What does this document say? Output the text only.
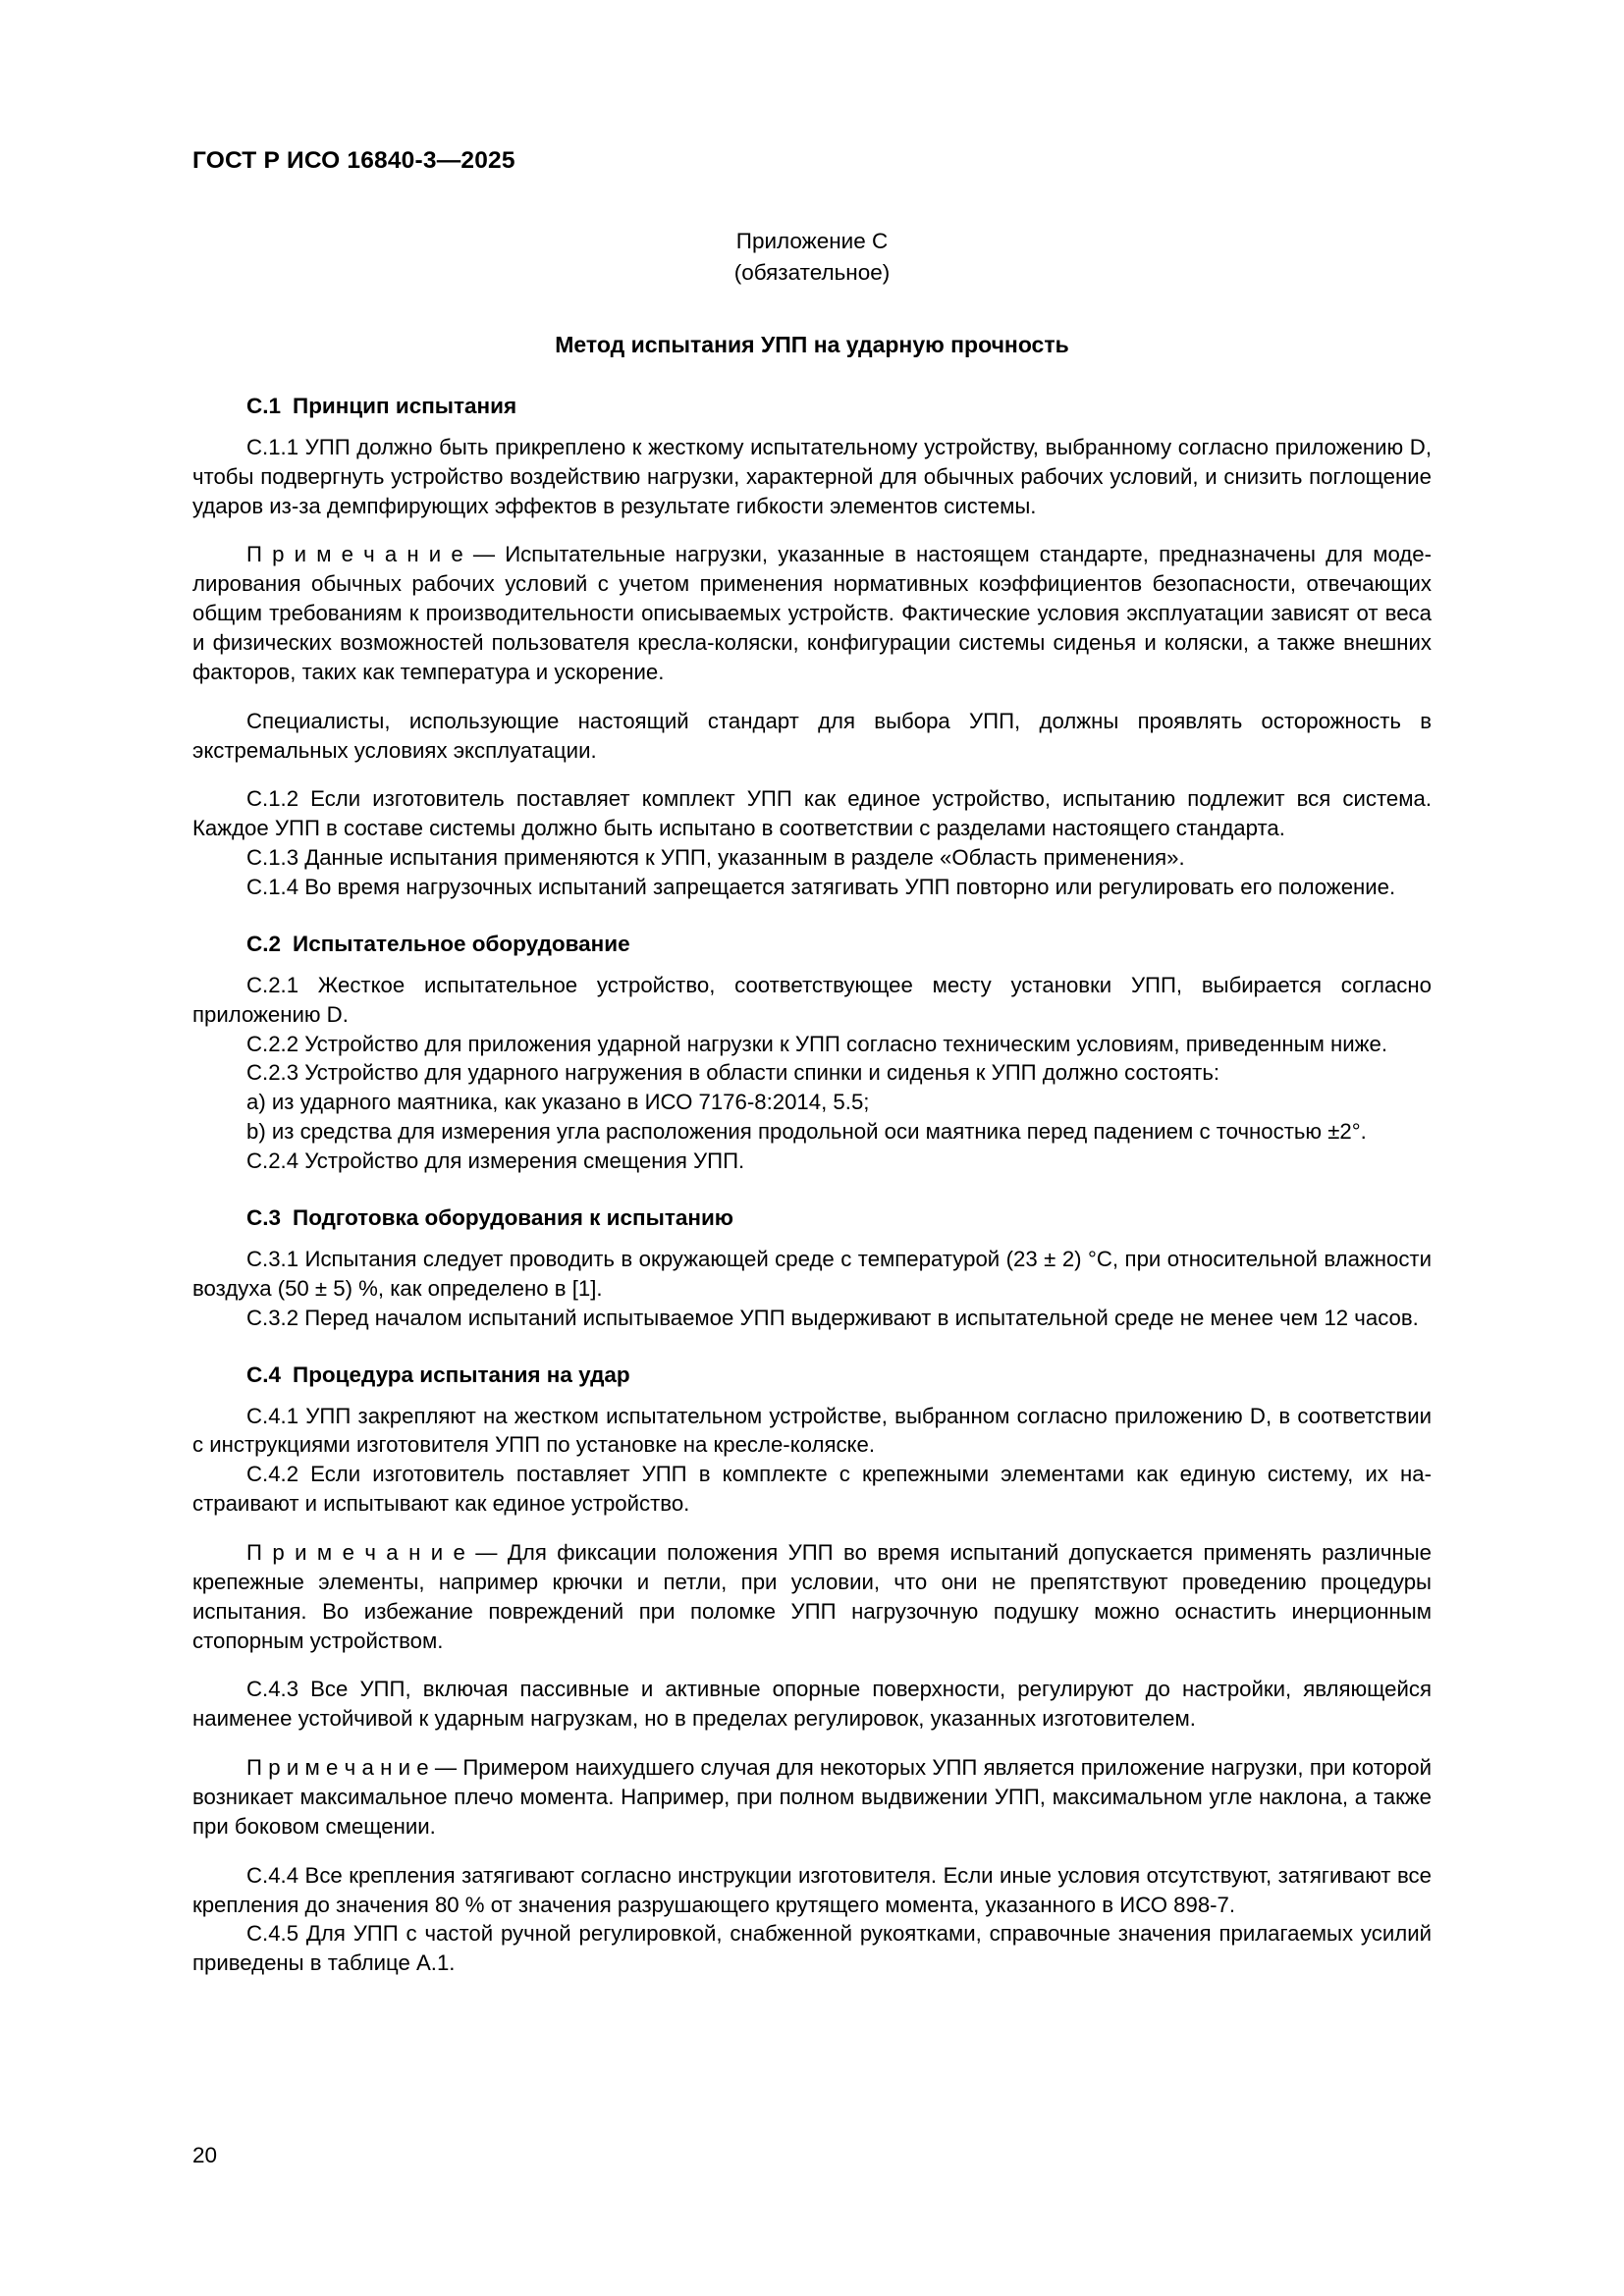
ГОСТ Р ИСО 16840-3—2025
Приложение С
(обязательное)
Метод испытания УПП на ударную прочность
С.1 Принцип испытания

С.1.1 УПП должно быть прикреплено к жесткому испытательному устройству, выбранному согласно приложению D, чтобы подвергнуть устройство воздействию нагрузки, характерной для обычных рабочих условий, и снизить поглощение ударов из-за демпфирующих эффектов в результате гибкости элементов системы.

П р и м е ч а н и е — Испытательные нагрузки, указанные в настоящем стандарте, предназначены для моделирования обычных рабочих условий с учетом применения нормативных коэффициентов безопасности, отвечающих общим требованиям к производительности описываемых устройств. Фактические условия эксплуатации зависят от веса и физических возможностей пользователя кресла-коляски, конфигурации системы сиденья и коляски, а также внешних факторов, таких как температура и ускорение.

Специалисты, использующие настоящий стандарт для выбора УПП, должны проявлять осторожность в экстремальных условиях эксплуатации.

С.1.2 Если изготовитель поставляет комплект УПП как единое устройство, испытанию подлежит вся система. Каждое УПП в составе системы должно быть испытано в соответствии с разделами настоящего стандарта.

С.1.3 Данные испытания применяются к УПП, указанным в разделе «Область применения».

С.1.4 Во время нагрузочных испытаний запрещается затягивать УПП повторно или регулировать его положение.

С.2 Испытательное оборудование

С.2.1 Жесткое испытательное устройство, соответствующее месту установки УПП, выбирается согласно приложению D.

С.2.2 Устройство для приложения ударной нагрузки к УПП согласно техническим условиям, приведенным ниже.

С.2.3 Устройство для ударного нагружения в области спинки и сиденья к УПП должно состоять:

а) из ударного маятника, как указано в ИСО 7176-8:2014, 5.5;

b) из средства для измерения угла расположения продольной оси маятника перед падением с точностью ±2°.

С.2.4 Устройство для измерения смещения УПП.

С.3 Подготовка оборудования к испытанию

С.3.1 Испытания следует проводить в окружающей среде с температурой (23 ± 2) °С, при относительной влажности воздуха (50 ± 5) %, как определено в [1].

С.3.2 Перед началом испытаний испытываемое УПП выдерживают в испытательной среде не менее чем 12 часов.

С.4 Процедура испытания на удар

С.4.1 УПП закрепляют на жестком испытательном устройстве, выбранном согласно приложению D, в соответствии с инструкциями изготовителя УПП по установке на кресле-коляске.

С.4.2 Если изготовитель поставляет УПП в комплекте с крепежными элементами как единую систему, их настраивают и испытывают как единое устройство.

П р и м е ч а н и е — Для фиксации положения УПП во время испытаний допускается применять различные крепежные элементы, например крючки и петли, при условии, что они не препятствуют проведению процедуры испытания. Во избежание повреждений при поломке УПП нагрузочную подушку можно оснастить инерционным стопорным устройством.

С.4.3 Все УПП, включая пассивные и активные опорные поверхности, регулируют до настройки, являющейся наименее устойчивой к ударным нагрузкам, но в пределах регулировок, указанных изготовителем.

П р и м е ч а н и е — Примером наихудшего случая для некоторых УПП является приложение нагрузки, при которой возникает максимальное плечо момента. Например, при полном выдвижении УПП, максимальном угле наклона, а также при боковом смещении.

С.4.4 Все крепления затягивают согласно инструкции изготовителя. Если иные условия отсутствуют, затягивают все крепления до значения 80 % от значения разрушающего крутящего момента, указанного в ИСО 898-7.

С.4.5 Для УПП с частой ручной регулировкой, снабженной рукоятками, справочные значения прилагаемых усилий приведены в таблице А.1.

20
